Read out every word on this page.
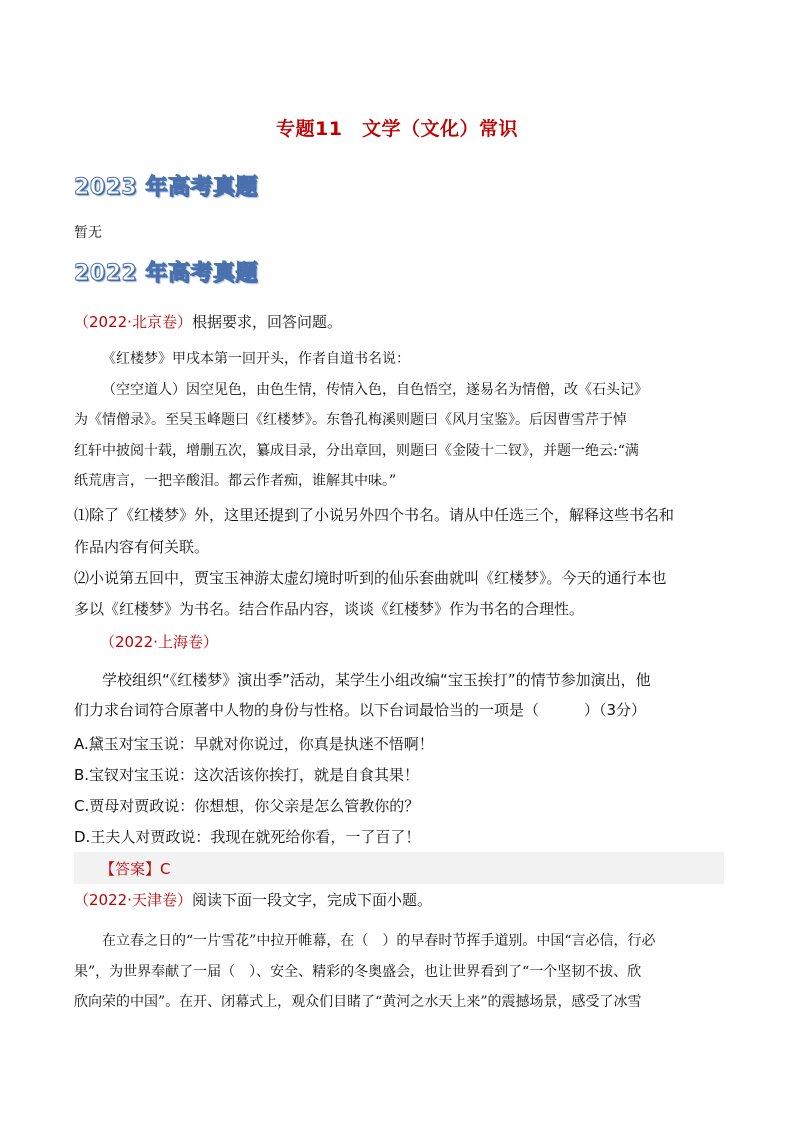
专题11　文学（文化）常识
2023 年高考真题
暂无
2022 年高考真题
（2022·北京卷）根据要求，回答问题。
《红楼梦》甲戌本第一回开头，作者自道书名说：
（空空道人）因空见色，由色生情，传情入色，自色悟空，遂易名为情僧，改《石头记》
为《情僧录》。至吴玉峰题曰《红楼梦》。东鲁孔梅溪则题曰《风月宝鉴》。后因曹雪芹于悼
红轩中披阅十载，增删五次，纂成目录，分出章回，则题曰《金陵十二钗》，并题一绝云:“满
纸荒唐言，一把辛酸泪。都云作者痴，谁解其中味。”
⑴除了《红楼梦》外，这里还提到了小说另外四个书名。请从中任选三个，解释这些书名和
作品内容有何关联。
⑵小说第五回中，贾宝玉神游太虚幻境时听到的仙乐套曲就叫《红楼梦》。今天的通行本也
多以《红楼梦》为书名。结合作品内容，谈谈《红楼梦》作为书名的合理性。
（2022·上海卷）
学校组织“《红楼梦》演出季”活动，某学生小组改编“宝玉挨打”的情节参加演出，他
们力求台词符合原著中人物的身份与性格。以下台词最恰当的一项是（　　　）（3分）
A.黛玉对宝玉说：早就对你说过，你真是执迷不悟啊！
B.宝钗对宝玉说：这次活该你挨打，就是自食其果！
C.贾母对贾政说：你想想，你父亲是怎么管教你的？
D.王夫人对贾政说：我现在就死给你看，一了百了！
【答案】C
（2022·天津卷）阅读下面一段文字，完成下面小题。
在立春之日的“一片雪花”中拉开帷幕，在（　）的早春时节挥手道别。中国“言必信，行必
果”，为世界奉献了一届（　）、安全、精彩的冬奥盛会，也让世界看到了“一个坚韧不拔、欣
欣向荣的中国”。在开、闭幕式上，观众们目睹了“黄河之水天上来”的震撼场景，感受了冰雪
